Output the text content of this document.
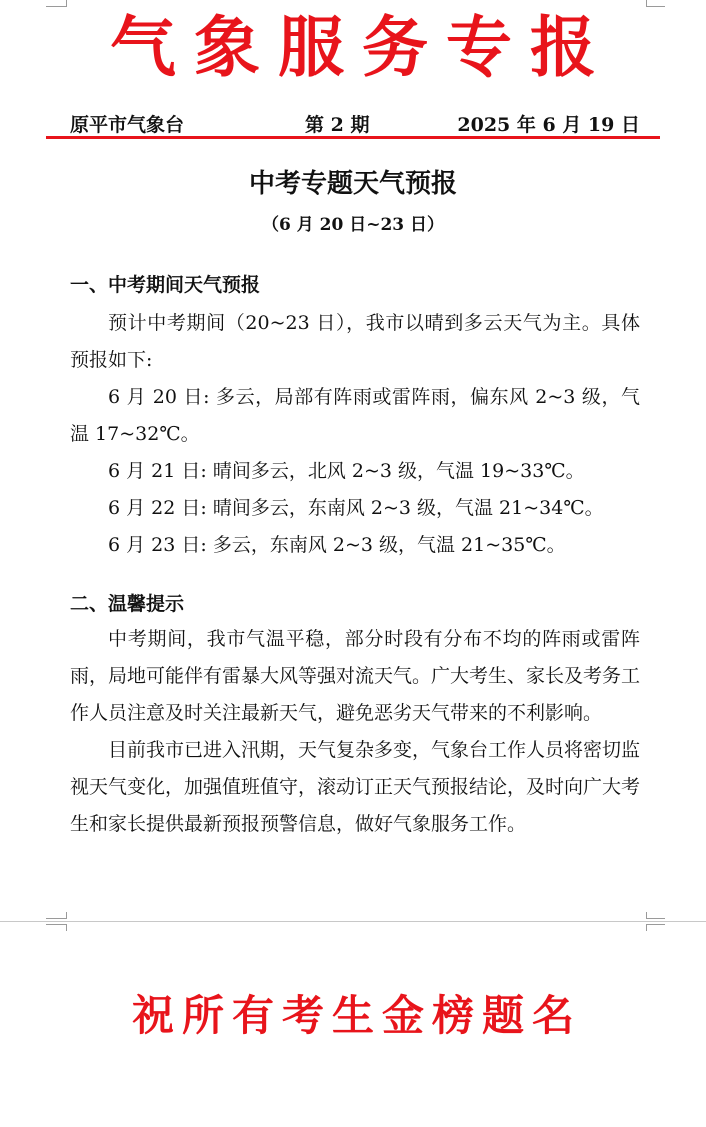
气象服务专报
原平市气象台	第 2 期	2025 年 6 月 19 日
中考专题天气预报
（6 月 20 日~23 日）
一、中考期间天气预报

预计中考期间（20~23 日），我市以晴到多云天气为主。具体预报如下:

6 月 20 日: 多云，局部有阵雨或雷阵雨，偏东风 2~3 级，气温 17~32℃。

6 月 21 日: 晴间多云，北风 2~3 级，气温 19~33℃。

6 月 22 日: 晴间多云，东南风 2~3 级，气温 21~34℃。

6 月 23 日: 多云，东南风 2~3 级，气温 21~35℃。

二、温馨提示

中考期间，我市气温平稳，部分时段有分布不均的阵雨或雷阵雨，局地可能伴有雷暴大风等强对流天气。广大考生、家长及考务工作人员注意及时关注最新天气，避免恶劣天气带来的不利影响。

目前我市已进入汛期，天气复杂多变，气象台工作人员将密切监视天气变化，加强值班值守，滚动订正天气预报结论，及时向广大考生和家长提供最新预报预警信息，做好气象服务工作。

祝所有考生金榜题名
